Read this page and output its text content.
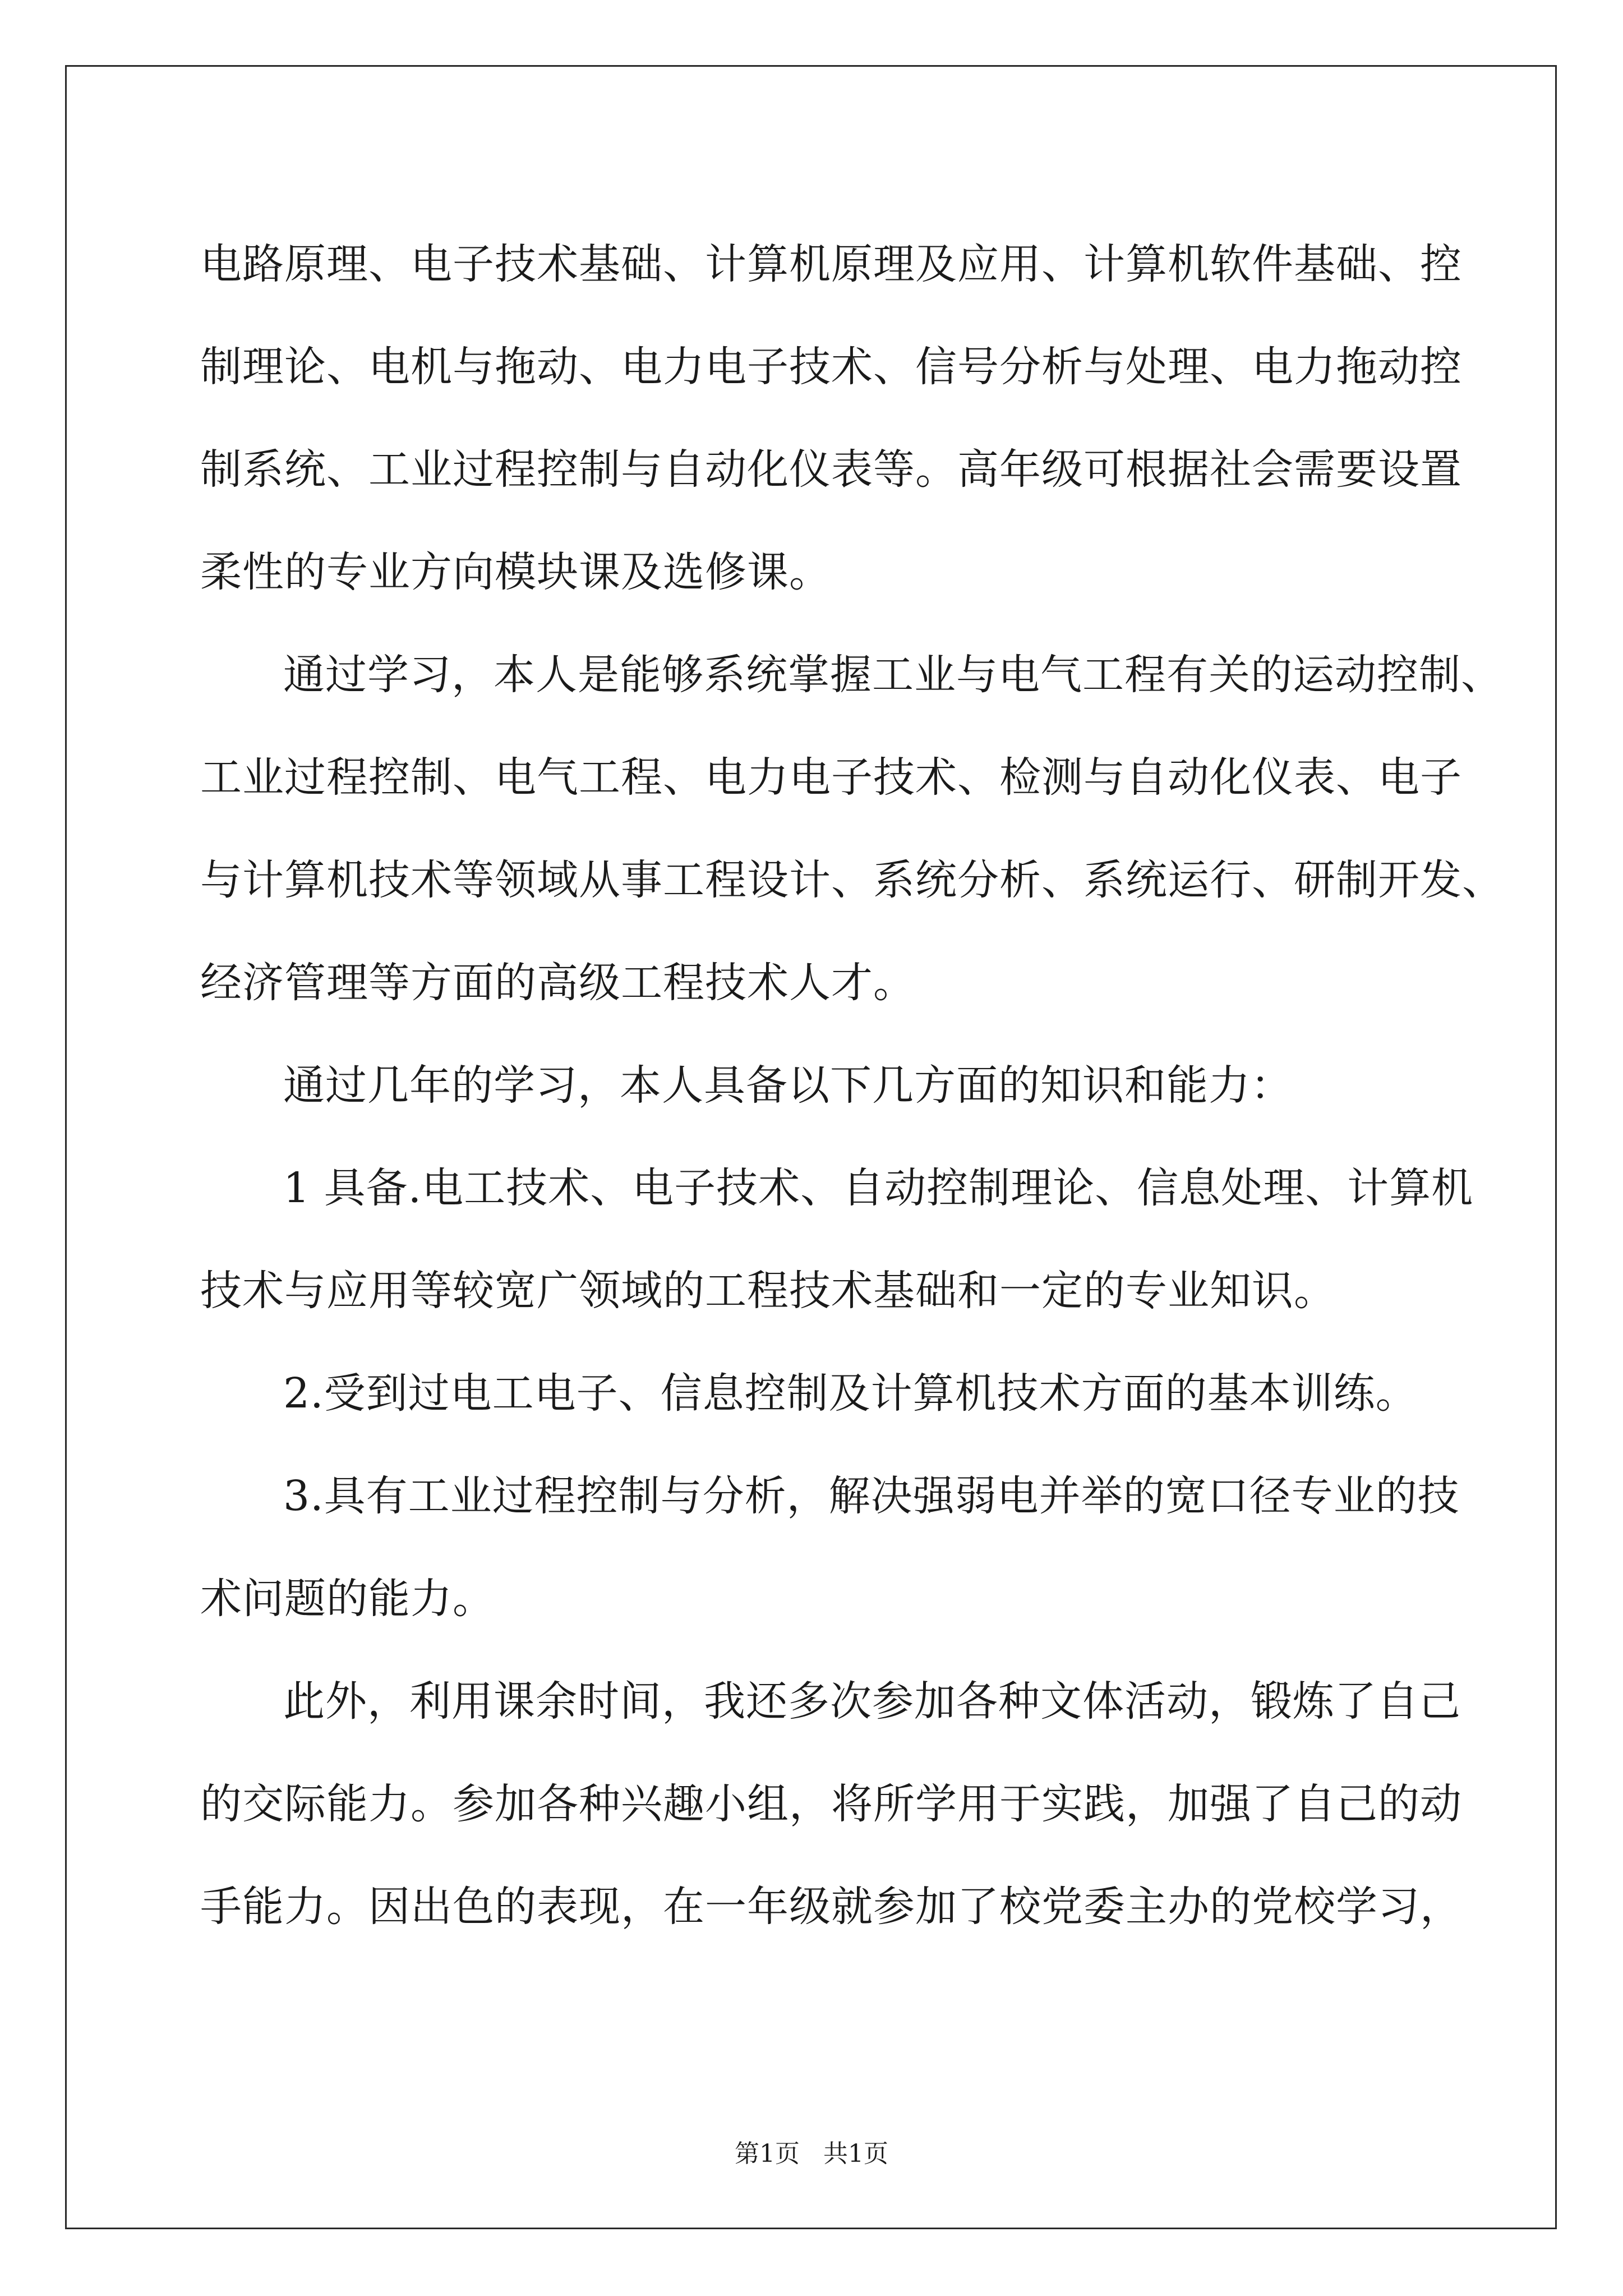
电路原理、电子技术基础、计算机原理及应用、计算机软件基础、控
制理论、电机与拖动、电力电子技术、信号分析与处理、电力拖动控
制系统、工业过程控制与自动化仪表等。高年级可根据社会需要设置
柔性的专业方向模块课及选修课。
通过学习，本人是能够系统掌握工业与电气工程有关的运动控制、
工业过程控制、电气工程、电力电子技术、检测与自动化仪表、电子
与计算机技术等领域从事工程设计、系统分析、系统运行、研制开发、
经济管理等方面的高级工程技术人才。
通过几年的学习，本人具备以下几方面的知识和能力：
1 具备.电工技术、电子技术、自动控制理论、信息处理、计算机
技术与应用等较宽广领域的工程技术基础和一定的专业知识。
2.受到过电工电子、信息控制及计算机技术方面的基本训练。
3.具有工业过程控制与分析，解决强弱电并举的宽口径专业的技
术问题的能力。
此外，利用课余时间，我还多次参加各种文体活动，锻炼了自己
的交际能力。参加各种兴趣小组，将所学用于实践，加强了自己的动
手能力。因出色的表现，在一年级就参加了校党委主办的党校学习，
第1页   共1页
